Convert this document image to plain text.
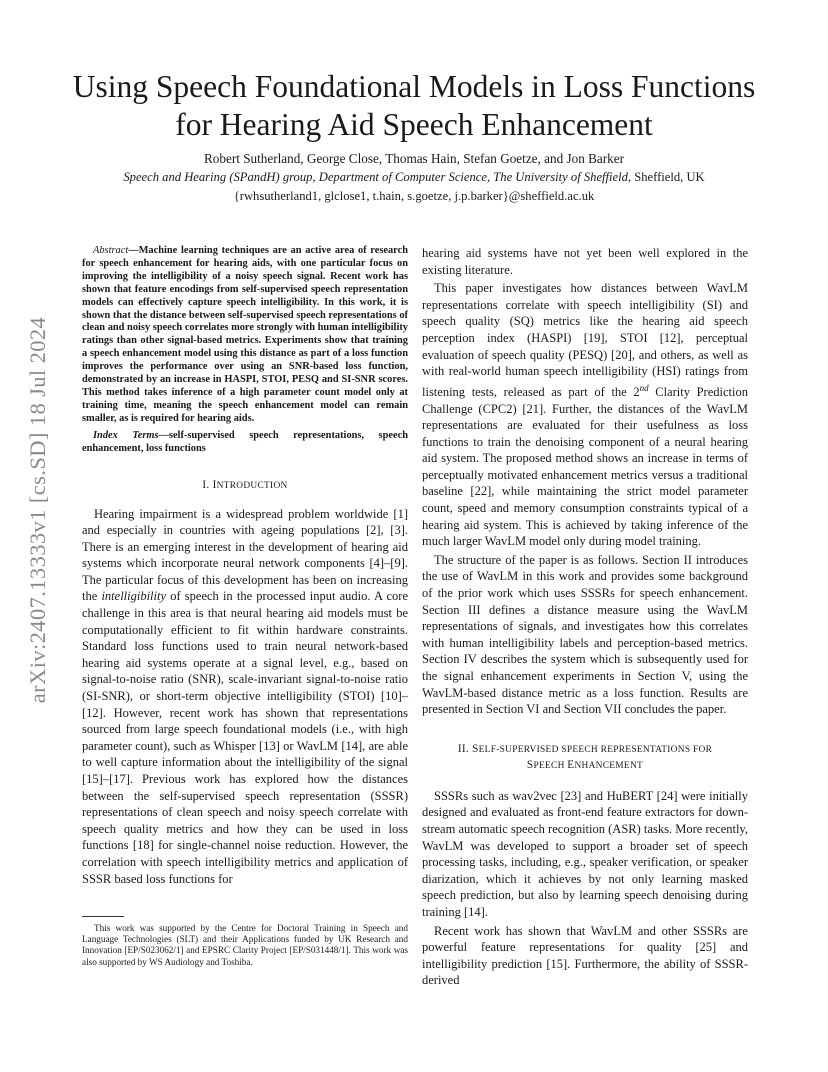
arXiv:2407.13333v1 [cs.SD] 18 Jul 2024
Using Speech Foundational Models in Loss Functions for Hearing Aid Speech Enhancement
Robert Sutherland, George Close, Thomas Hain, Stefan Goetze, and Jon Barker
Speech and Hearing (SPandH) group, Department of Computer Science, The University of Sheffield, Sheffield, UK
{rwhsutherland1, glclose1, t.hain, s.goetze, j.p.barker}@sheffield.ac.uk

Abstract—Machine learning techniques are an active area of research for speech enhancement for hearing aids, with one particular focus on improving the intelligibility of a noisy speech signal. Recent work has shown that feature encodings from self-supervised speech representation models can effectively capture speech intelligibility. In this work, it is shown that the distance between self-supervised speech representations of clean and noisy speech correlates more strongly with human intelligibility ratings than other signal-based metrics. Experiments show that training a speech enhancement model using this distance as part of a loss function improves the performance over using an SNR-based loss function, demonstrated by an increase in HASPI, STOI, PESQ and SI-SNR scores. This method takes inference of a high parameter count model only at training time, meaning the speech enhancement model can remain smaller, as is required for hearing aids.

Index Terms—self-supervised speech representations, speech enhancement, loss functions

I. INTRODUCTION

Hearing impairment is a widespread problem worldwide [1] and especially in countries with ageing populations [2], [3]. There is an emerging interest in the development of hearing aid systems which incorporate neural network components [4]–[9]. The particular focus of this development has been on increasing the intelligibility of speech in the processed input audio. A core challenge in this area is that neural hearing aid models must be computationally efficient to fit within hardware constraints. Standard loss functions used to train neural network-based hearing aid systems operate at a signal level, e.g., based on signal-to-noise ratio (SNR), scale-invariant signal-to-noise ratio (SI-SNR), or short-term objective intelligibility (STOI) [10]–[12]. However, recent work has shown that representations sourced from large speech foundational models (i.e., with high parameter count), such as Whisper [13] or WavLM [14], are able to well capture information about the intelligibility of the signal [15]–[17]. Previous work has explored how the distances between the self-supervised speech representation (SSSR) representations of clean speech and noisy speech correlate with speech quality metrics and how they can be used in loss functions [18] for single-channel noise reduction. However, the correlation with speech intelligibility metrics and application of SSSR based loss functions for

This work was supported by the Centre for Doctoral Training in Speech and Language Technologies (SLT) and their Applications funded by UK Research and Innovation [EP/S023062/1] and EPSRC Clarity Project [EP/S031448/1]. This work was also supported by WS Audiology and Toshiba.

hearing aid systems have not yet been well explored in the existing literature.

This paper investigates how distances between WavLM representations correlate with speech intelligibility (SI) and speech quality (SQ) metrics like the hearing aid speech perception index (HASPI) [19], STOI [12], perceptual evaluation of speech quality (PESQ) [20], and others, as well as with real-world human speech intelligibility (HSI) ratings from listening tests, released as part of the 2nd Clarity Prediction Challenge (CPC2) [21]. Further, the distances of the WavLM representations are evaluated for their usefulness as loss functions to train the denoising component of a neural hearing aid system. The proposed method shows an increase in terms of perceptually motivated enhancement metrics versus a traditional baseline [22], while maintaining the strict model parameter count, speed and memory consumption constraints typical of a hearing aid system. This is achieved by taking inference of the much larger WavLM model only during model training.

The structure of the paper is as follows. Section II introduces the use of WavLM in this work and provides some background of the prior work which uses SSSRs for speech enhancement. Section III defines a distance measure using the WavLM representations of signals, and investigates how this correlates with human intelligibility labels and perception-based metrics. Section IV describes the system which is subsequently used for the signal enhancement experiments in Section V, using the WavLM-based distance metric as a loss function. Results are presented in Section VI and Section VII concludes the paper.

II. SELF-SUPERVISED SPEECH REPRESENTATIONS FOR
SPEECH ENHANCEMENT

SSSRs such as wav2vec [23] and HuBERT [24] were initially designed and evaluated as front-end feature extractors for down-stream automatic speech recognition (ASR) tasks. More recently, WavLM was developed to support a broader set of speech processing tasks, including, e.g., speaker verification, or speaker diarization, which it achieves by not only learning masked speech prediction, but also by learning speech denoising during training [14].

Recent work has shown that WavLM and other SSSRs are powerful feature representations for quality [25] and intelligibility prediction [15]. Furthermore, the ability of SSSR-derived
